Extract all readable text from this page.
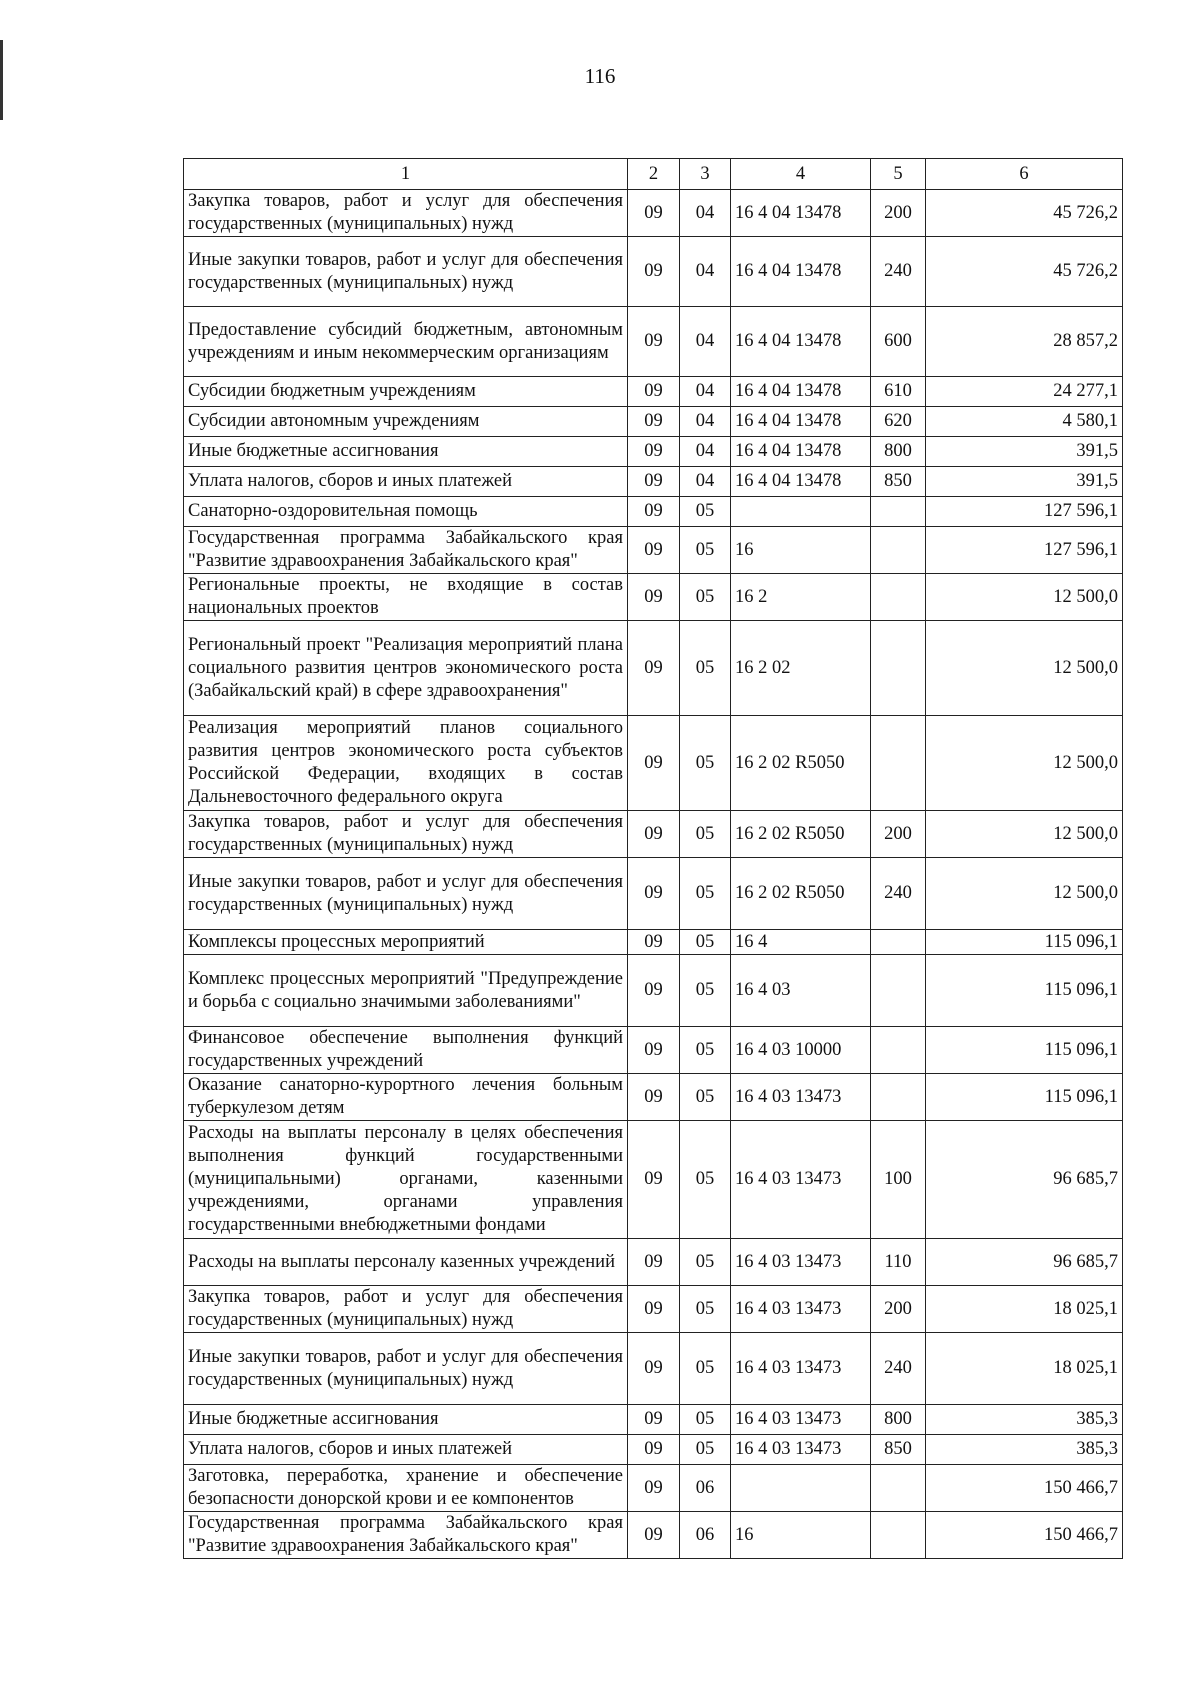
116
1	2	3	4	5	6
Закупка товаров, работ и услуг для обеспечения государственных (муниципальных) нужд	09	04	16 4 04 13478	200	45 726,2
Иные закупки товаров, работ и услуг для обеспечения государственных (муниципальных) нужд	09	04	16 4 04 13478	240	45 726,2
Предоставление субсидий бюджетным, автономным учреждениям и иным некоммерческим организациям	09	04	16 4 04 13478	600	28 857,2
Субсидии бюджетным учреждениям	09	04	16 4 04 13478	610	24 277,1
Субсидии автономным учреждениям	09	04	16 4 04 13478	620	4 580,1
Иные бюджетные ассигнования	09	04	16 4 04 13478	800	391,5
Уплата налогов, сборов и иных платежей	09	04	16 4 04 13478	850	391,5
Санаторно-оздоровительная помощь	09	05			127 596,1
Государственная программа Забайкальского края "Развитие здравоохранения Забайкальского края"	09	05	16		127 596,1
Региональные проекты, не входящие в состав национальных проектов	09	05	16 2		12 500,0
Региональный проект "Реализация мероприятий плана социального развития центров экономического роста (Забайкальский край) в сфере здравоохранения"	09	05	16 2 02		12 500,0
Реализация мероприятий планов социального развития центров экономического роста субъектов Российской Федерации, входящих в состав Дальневосточного федерального округа	09	05	16 2 02 R5050		12 500,0
Закупка товаров, работ и услуг для обеспечения государственных (муниципальных) нужд	09	05	16 2 02 R5050	200	12 500,0
Иные закупки товаров, работ и услуг для обеспечения государственных (муниципальных) нужд	09	05	16 2 02 R5050	240	12 500,0
Комплексы процессных мероприятий	09	05	16 4		115 096,1
Комплекс процессных мероприятий "Предупреждение и борьба с социально значимыми заболеваниями"	09	05	16 4 03		115 096,1
Финансовое обеспечение выполнения функций государственных учреждений	09	05	16 4 03 10000		115 096,1
Оказание санаторно-курортного лечения больным туберкулезом детям	09	05	16 4 03 13473		115 096,1
Расходы на выплаты персоналу в целях обеспечения выполнения функций государственными (муниципальными) органами, казенными учреждениями, органами управления государственными внебюджетными фондами	09	05	16 4 03 13473	100	96 685,7
Расходы на выплаты персоналу казенных учреждений	09	05	16 4 03 13473	110	96 685,7
Закупка товаров, работ и услуг для обеспечения государственных (муниципальных) нужд	09	05	16 4 03 13473	200	18 025,1
Иные закупки товаров, работ и услуг для обеспечения государственных (муниципальных) нужд	09	05	16 4 03 13473	240	18 025,1
Иные бюджетные ассигнования	09	05	16 4 03 13473	800	385,3
Уплата налогов, сборов и иных платежей	09	05	16 4 03 13473	850	385,3
Заготовка, переработка, хранение и обеспечение безопасности донорской крови и ее компонентов	09	06			150 466,7
Государственная программа Забайкальского края "Развитие здравоохранения Забайкальского края"	09	06	16		150 466,7
